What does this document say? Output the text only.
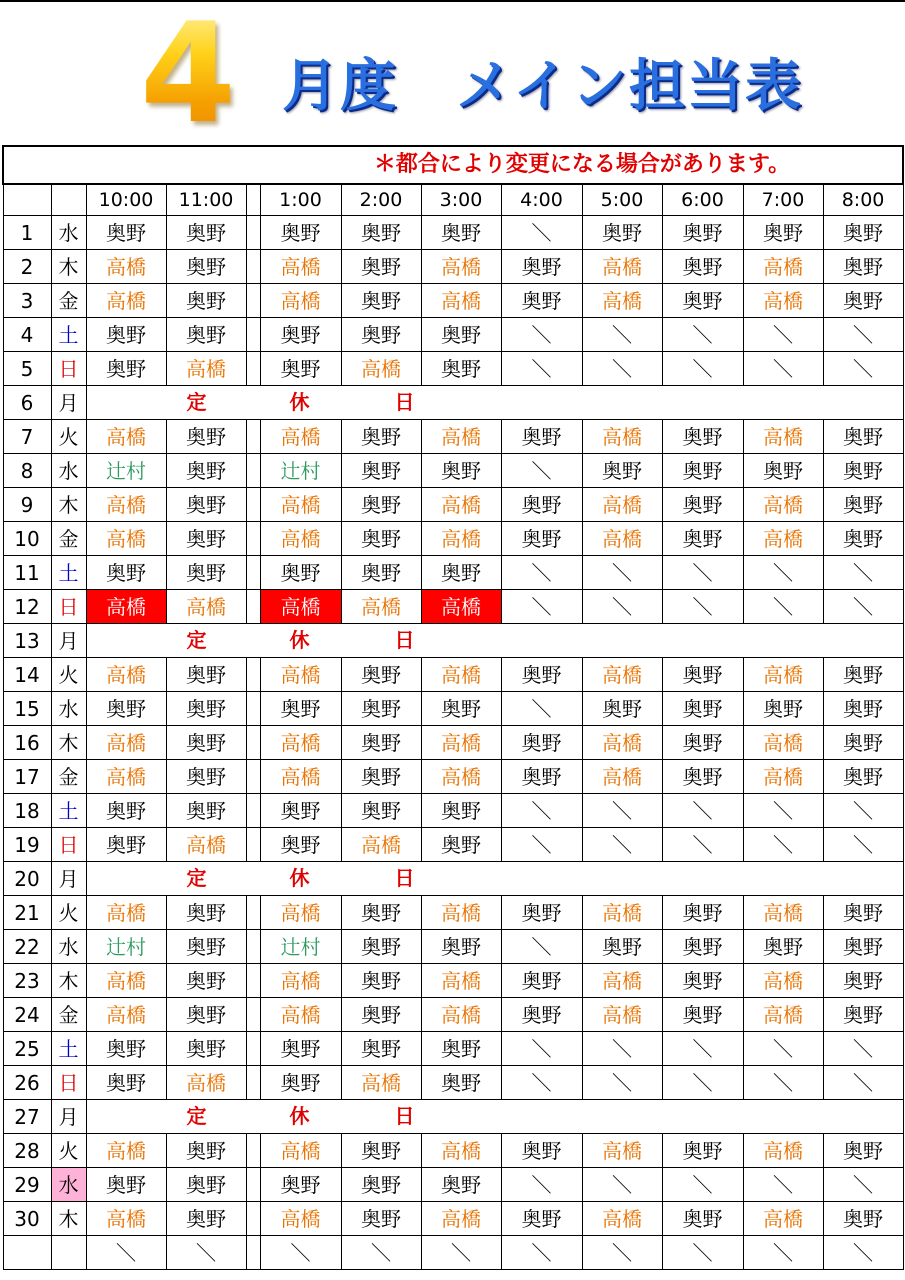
4 月度　メイン担当表
＊都合により変更になる場合があります。												
		10:00	11:00		1:00	2:00	3:00	4:00	5:00	6:00	7:00	8:00
1	水	奥野	奥野		奥野	奥野	奥野	＼	奥野	奥野	奥野	奥野
2	木	高橋	奥野		高橋	奥野	高橋	奥野	高橋	奥野	高橋	奥野
3	金	高橋	奥野		高橋	奥野	高橋	奥野	高橋	奥野	高橋	奥野
4	土	奥野	奥野		奥野	奥野	奥野	＼	＼	＼	＼	＼
5	日	奥野	高橋		奥野	高橋	奥野	＼	＼	＼	＼	＼
6	月	定 休 日										

7	火	高橋	奥野		高橋	奥野	高橋	奥野	高橋	奥野	高橋	奥野
8	水	辻村	奥野		辻村	奥野	奥野	＼	奥野	奥野	奥野	奥野
9	木	高橋	奥野		高橋	奥野	高橋	奥野	高橋	奥野	高橋	奥野
10	金	高橋	奥野		高橋	奥野	高橋	奥野	高橋	奥野	高橋	奥野
11	土	奥野	奥野		奥野	奥野	奥野	＼	＼	＼	＼	＼
12	日	高橋	高橋		高橋	高橋	高橋	＼	＼	＼	＼	＼
13	月	定 休 日										

14	火	高橋	奥野		高橋	奥野	高橋	奥野	高橋	奥野	高橋	奥野
15	水	奥野	奥野		奥野	奥野	奥野	＼	奥野	奥野	奥野	奥野
16	木	高橋	奥野		高橋	奥野	高橋	奥野	高橋	奥野	高橋	奥野
17	金	高橋	奥野		高橋	奥野	高橋	奥野	高橋	奥野	高橋	奥野
18	土	奥野	奥野		奥野	奥野	奥野	＼	＼	＼	＼	＼
19	日	奥野	高橋		奥野	高橋	奥野	＼	＼	＼	＼	＼
20	月	定 休 日										

21	火	高橋	奥野		高橋	奥野	高橋	奥野	高橋	奥野	高橋	奥野
22	水	辻村	奥野		辻村	奥野	奥野	＼	奥野	奥野	奥野	奥野
23	木	高橋	奥野		高橋	奥野	高橋	奥野	高橋	奥野	高橋	奥野
24	金	高橋	奥野		高橋	奥野	高橋	奥野	高橋	奥野	高橋	奥野
25	土	奥野	奥野		奥野	奥野	奥野	＼	＼	＼	＼	＼
26	日	奥野	高橋		奥野	高橋	奥野	＼	＼	＼	＼	＼
27	月	定 休 日										

28	火	高橋	奥野		高橋	奥野	高橋	奥野	高橋	奥野	高橋	奥野
29	水	奥野	奥野		奥野	奥野	奥野	＼	＼	＼	＼	＼
30	木	高橋	奥野		高橋	奥野	高橋	奥野	高橋	奥野	高橋	奥野
		＼	＼		＼	＼	＼	＼	＼	＼	＼	＼
